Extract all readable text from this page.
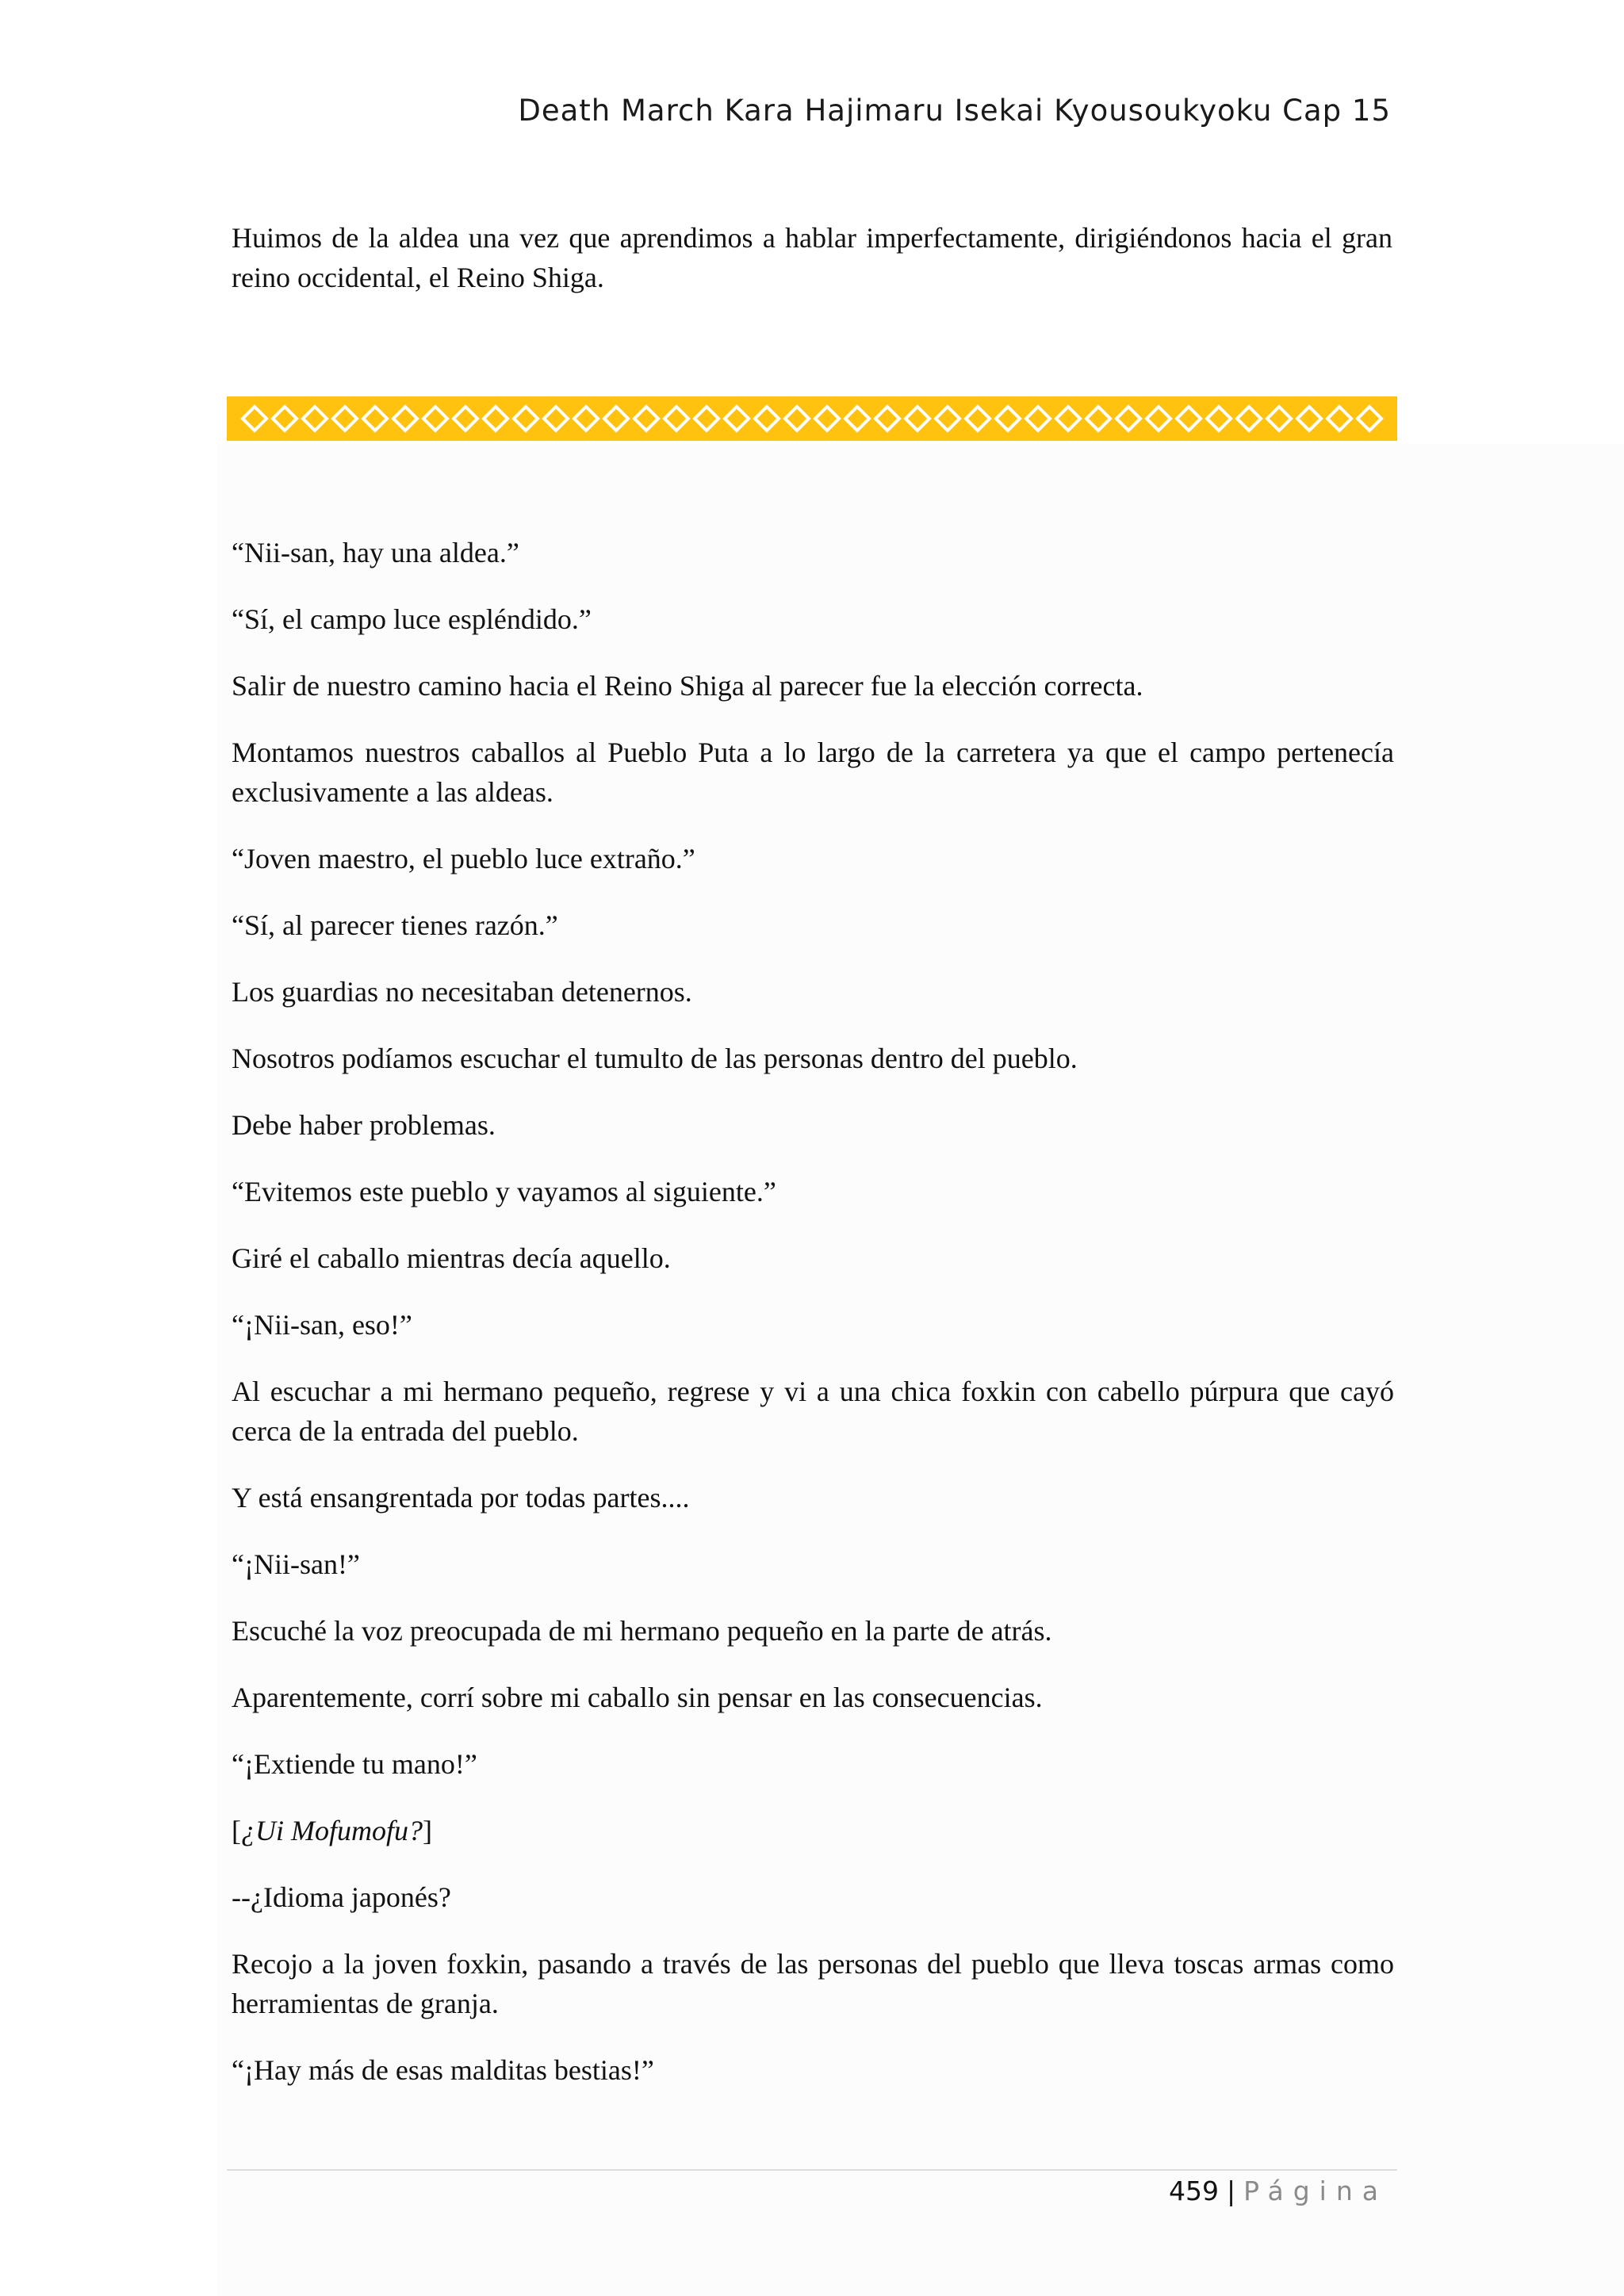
Death March Kara Hajimaru Isekai Kyousoukyoku Cap 15

Huimos de la aldea una vez que aprendimos a hablar imperfectamente, dirigiéndonos hacia el gran reino occidental, el Reino Shiga.

“Nii-san, hay una aldea.”

“Sí, el campo luce espléndido.”

Salir de nuestro camino hacia el Reino Shiga al parecer fue la elección correcta.

Montamos nuestros caballos al Pueblo Puta a lo largo de la carretera ya que el campo pertenecía exclusivamente a las aldeas.

“Joven maestro, el pueblo luce extraño.”

“Sí, al parecer tienes razón.”

Los guardias no necesitaban detenernos.

Nosotros podíamos escuchar el tumulto de las personas dentro del pueblo.

Debe haber problemas.

“Evitemos este pueblo y vayamos al siguiente.”

Giré el caballo mientras decía aquello.

“¡Nii-san, eso!”

Al escuchar a mi hermano pequeño, regrese y vi a una chica foxkin con cabello púrpura que cayó cerca de la entrada del pueblo.

Y está ensangrentada por todas partes....

“¡Nii-san!”

Escuché la voz preocupada de mi hermano pequeño en la parte de atrás.

Aparentemente, corrí sobre mi caballo sin pensar en las consecuencias.

“¡Extiende tu mano!”

[¿Ui Mofumofu?]

--¿Idioma japonés?

Recojo a la joven foxkin, pasando a través de las personas del pueblo que lleva toscas armas como herramientas de granja.

“¡Hay más de esas malditas bestias!”

459 | Página
